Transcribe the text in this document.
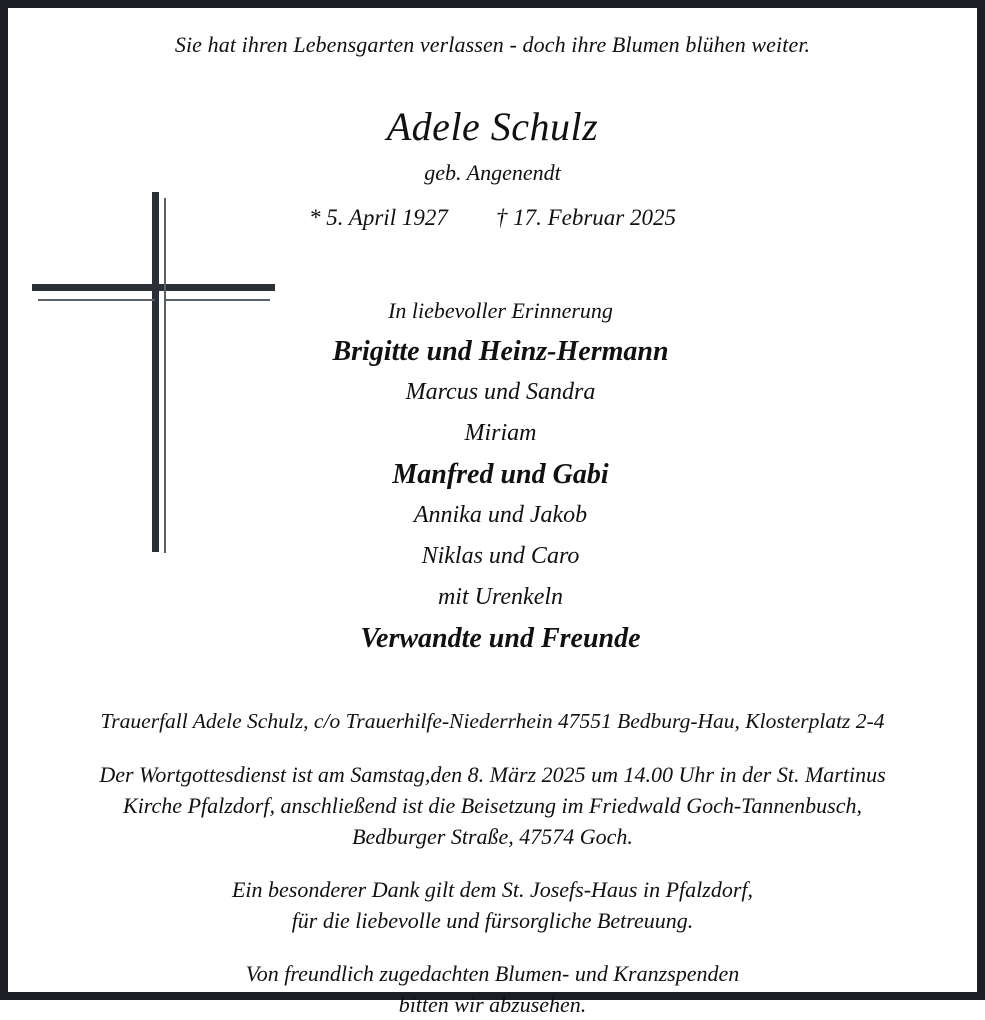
Sie hat ihren Lebensgarten verlassen - doch ihre Blumen blühen weiter.
Adele Schulz
geb. Angenendt
* 5. April 1927 † 17. Februar 2025
In liebevoller Erinnerung
Brigitte und Heinz-Hermann
Marcus und Sandra
Miriam
Manfred und Gabi
Annika und Jakob
Niklas und Caro
mit Urenkeln
Verwandte und Freunde

Trauerfall Adele Schulz, c/o Trauerhilfe-Niederrhein 47551 Bedburg-Hau, Klosterplatz 2-4

Der Wortgottesdienst ist am Samstag,den 8. März 2025 um 14.00 Uhr in der St. Martinus
Kirche Pfalzdorf, anschließend ist die Beisetzung im Friedwald Goch-Tannenbusch,
Bedburger Straße, 47574 Goch.

Ein besonderer Dank gilt dem St. Josefs-Haus in Pfalzdorf,
für die liebevolle und fürsorgliche Betreuung.

Von freundlich zugedachten Blumen- und Kranzspenden
bitten wir abzusehen.
